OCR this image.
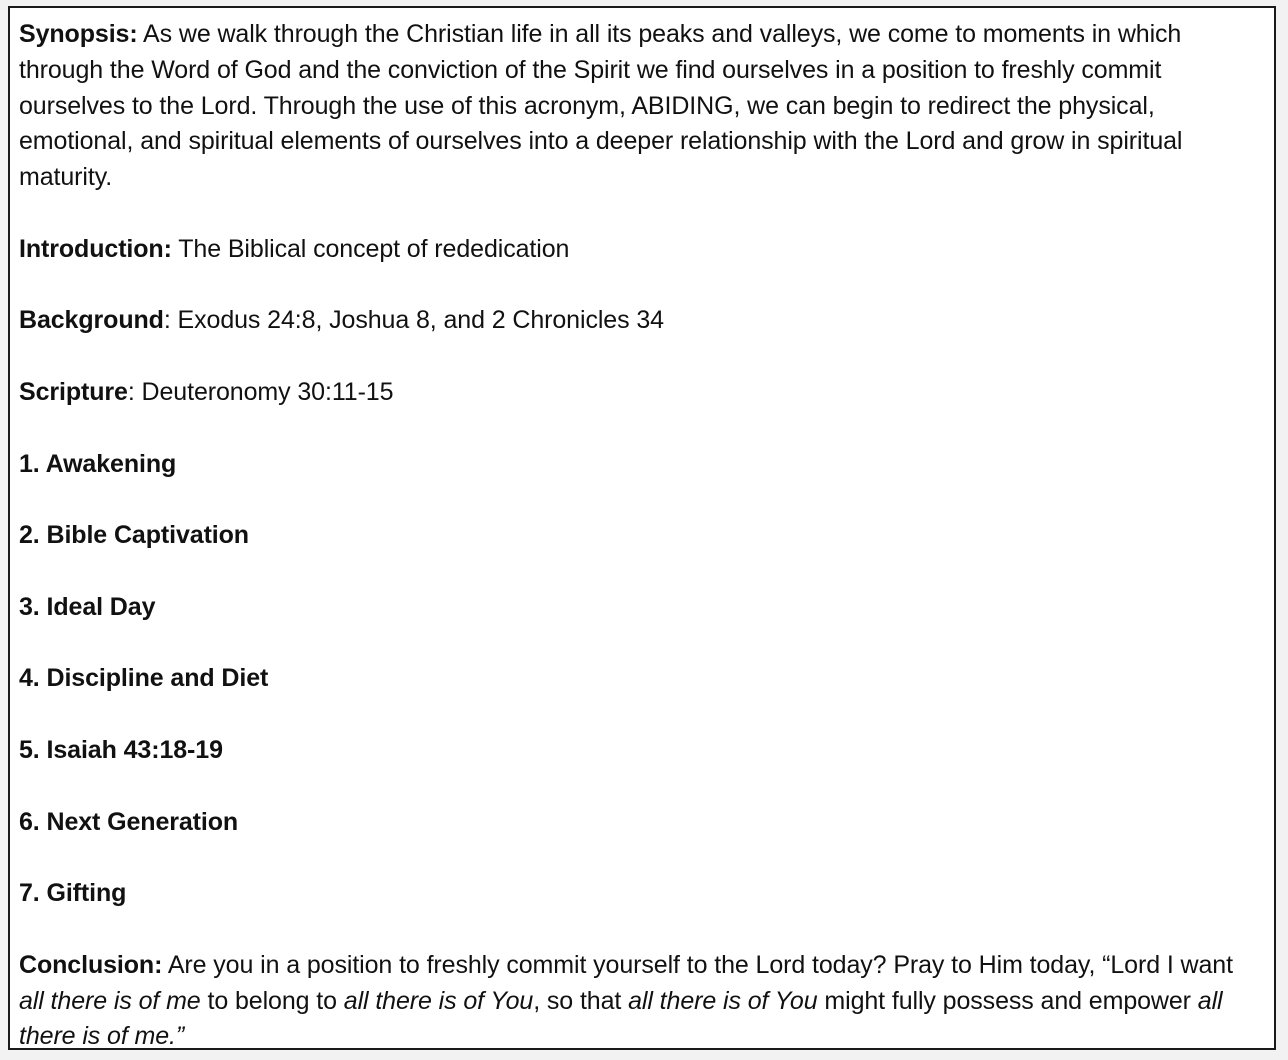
Synopsis: As we walk through the Christian life in all its peaks and valleys, we come to moments in which through the Word of God and the conviction of the Spirit we find ourselves in a position to freshly commit ourselves to the Lord. Through the use of this acronym, ABIDING, we can begin to redirect the physical, emotional, and spiritual elements of ourselves into a deeper relationship with the Lord and grow in spiritual maturity.

Introduction: The Biblical concept of rededication

Background: Exodus 24:8, Joshua 8, and 2 Chronicles 34

Scripture: Deuteronomy 30:11-15

1. Awakening

2. Bible Captivation

3. Ideal Day

4. Discipline and Diet

5. Isaiah 43:18-19

6. Next Generation

7. Gifting

Conclusion: Are you in a position to freshly commit yourself to the Lord today? Pray to Him today, “Lord I want all there is of me to belong to all there is of You, so that all there is of You might fully possess and empower all there is of me.”
